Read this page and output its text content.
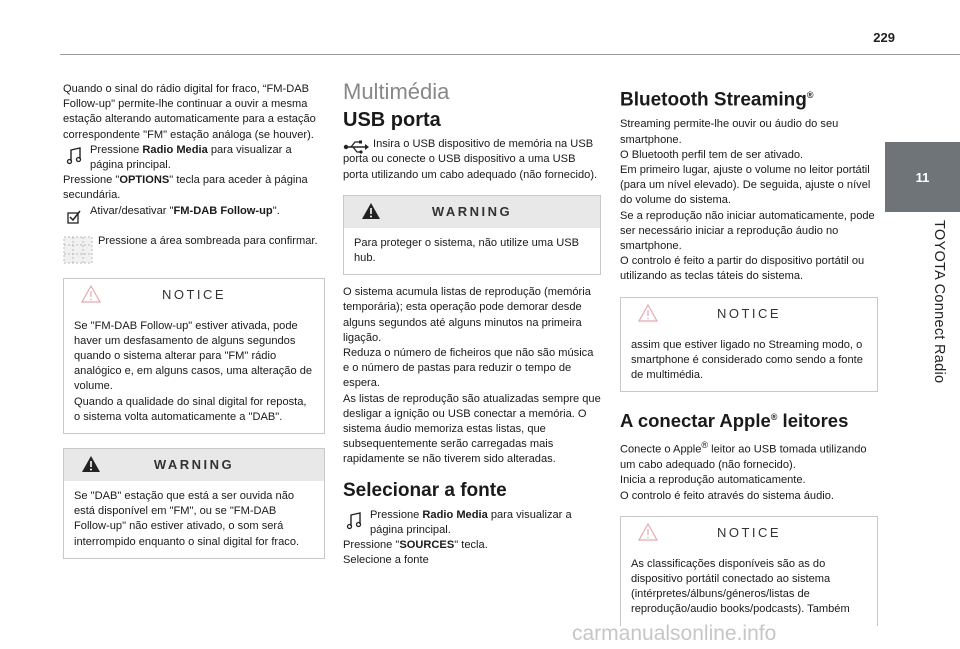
229
11
TOYOTA Connect Radio

Quando o sinal do rádio digital for fraco, “FM-DAB Follow-up" permite-lhe continuar a ouvir a mesma estação alterando automaticamente para a estação correspondente "FM" estação análoga (se houver).

Pressione Radio Media para visualizar a página principal.

Pressione "OPTIONS" tecla para aceder à página secundária.

Ativar/desativar "FM-DAB Follow-up".

Pressione a área sombreada para confirmar.

NOTICE
Se "FM-DAB Follow-up" estiver ativada, pode haver um desfasamento de alguns segundos quando o sistema alterar para "FM" rádio analógico e, em alguns casos, uma alteração de volume.
Quando a qualidade do sinal digital for reposta, o sistema volta automaticamente a "DAB".
WARNING
Se "DAB" estação que está a ser ouvida não está disponível em "FM", ou se "FM-DAB Follow-up" não estiver ativado, o som será interrompido enquanto o sinal digital for fraco.
Multimédia
USB porta

Insira o USB dispositivo de memória na USB porta ou conecte o USB dispositivo a uma USB porta utilizando um cabo adequado (não fornecido).

WARNING
Para proteger o sistema, não utilize uma USB hub.

O sistema acumula listas de reprodução (memória temporária); esta operação pode demorar desde alguns segundos até alguns minutos na primeira ligação.
Reduza o número de ficheiros que não são música e o número de pastas para reduzir o tempo de espera.
As listas de reprodução são atualizadas sempre que desligar a ignição ou USB conectar a memória. O sistema áudio memoriza estas listas, que subsequentemente serão carregadas mais rapidamente se não tiverem sido alteradas.

Selecionar a fonte

Pressione Radio Media para visualizar a página principal.

Pressione "SOURCES" tecla.

Selecione a fonte

Bluetooth Streaming®

Streaming permite-lhe ouvir ou áudio do seu smartphone.
O Bluetooth perfil tem de ser ativado.
Em primeiro lugar, ajuste o volume no leitor portátil (para um nível elevado). De seguida, ajuste o nível do volume do sistema.
Se a reprodução não iniciar automaticamente, pode ser necessário iniciar a reprodução áudio no smartphone.
O controlo é feito a partir do dispositivo portátil ou utilizando as teclas táteis do sistema.

NOTICE
assim que estiver ligado no Streaming modo, o smartphone é considerado como sendo a fonte de multimédia.
A conectar Apple® leitores

Conecte o Apple® leitor ao USB tomada utilizando um cabo adequado (não fornecido).
Inicia a reprodução automaticamente.
O controlo é feito através do sistema áudio.

NOTICE
As classificações disponíveis são as do dispositivo portátil conectado ao sistema (intérpretes/álbuns/géneros/listas de reprodução/audio books/podcasts). Também
carmanualsonline.info
